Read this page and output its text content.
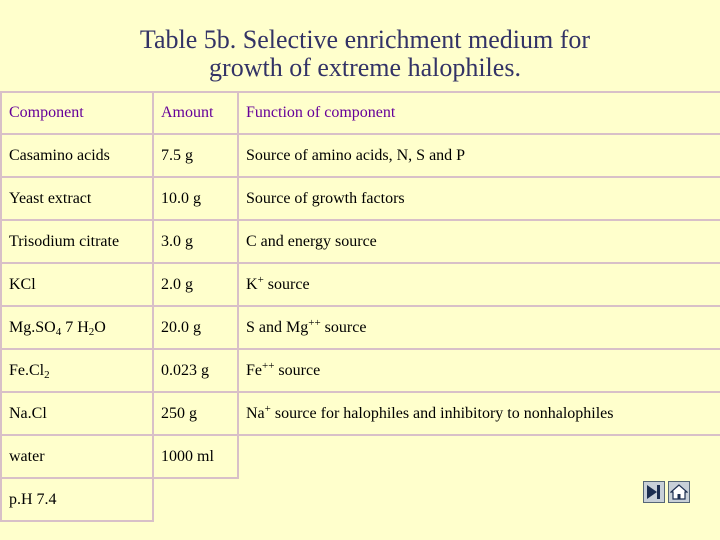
Table 5b. Selective enrichment medium for
growth of extreme halophiles.
Component	Amount	Function of component
Casamino acids	7.5 g	Source of amino acids, N, S and P
Yeast extract	10.0 g	Source of growth factors
Trisodium citrate	3.0 g	C and energy source
KCl	2.0 g	K+ source
$Mg.SO_4$ 7 $H_2O$	20.0 g	S and Mg++ source
$Fe.Cl_2$	0.023 g	Fe++ source
Na.Cl	250 g	Na+ source for halophiles and inhibitory to nonhalophiles
water	1000 ml	
p.H 7.4		
